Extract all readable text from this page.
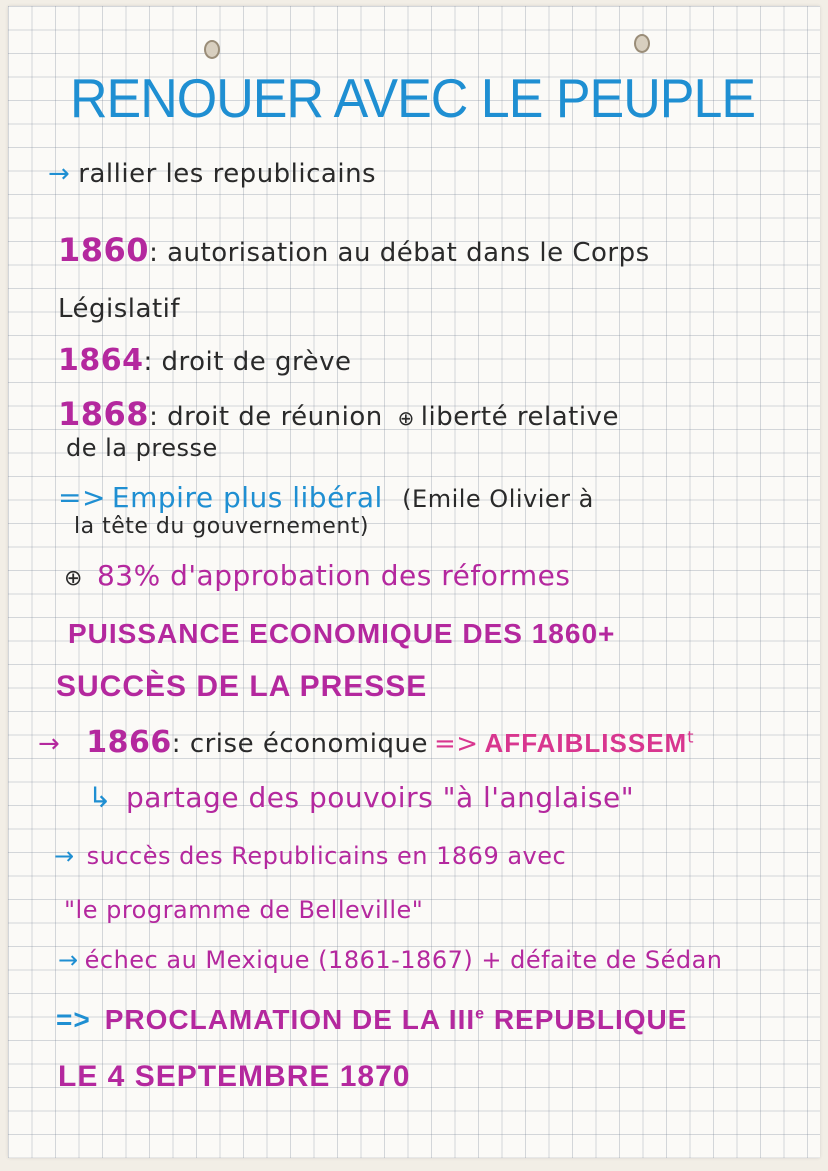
RENOUER AVEC LE PEUPLE
→ rallier les republicains
1860: autorisation au débat dans le Corps
Législatif
1864: droit de grève
1868: droit de réunion ⊕ liberté relative
de la presse
=> Empire plus libéral (Emile Olivier à
la tête du gouvernement)
⊕ 83% d'approbation des réformes
PUISSANCE ECONOMIQUE DES 1860+
SUCCÈS DE LA PRESSE
→ 1866: crise économique => $AFFAIBLISSEM^t$
↳ partage des pouvoirs "à l'anglaise"
→ succès des Republicains en 1869 avec
"le programme de Belleville"
→ échec au Mexique (1861-1867) + défaite de Sédan
=> PROCLAMATION DE LA IIIe REPUBLIQUE
LE 4 SEPTEMBRE 1870
